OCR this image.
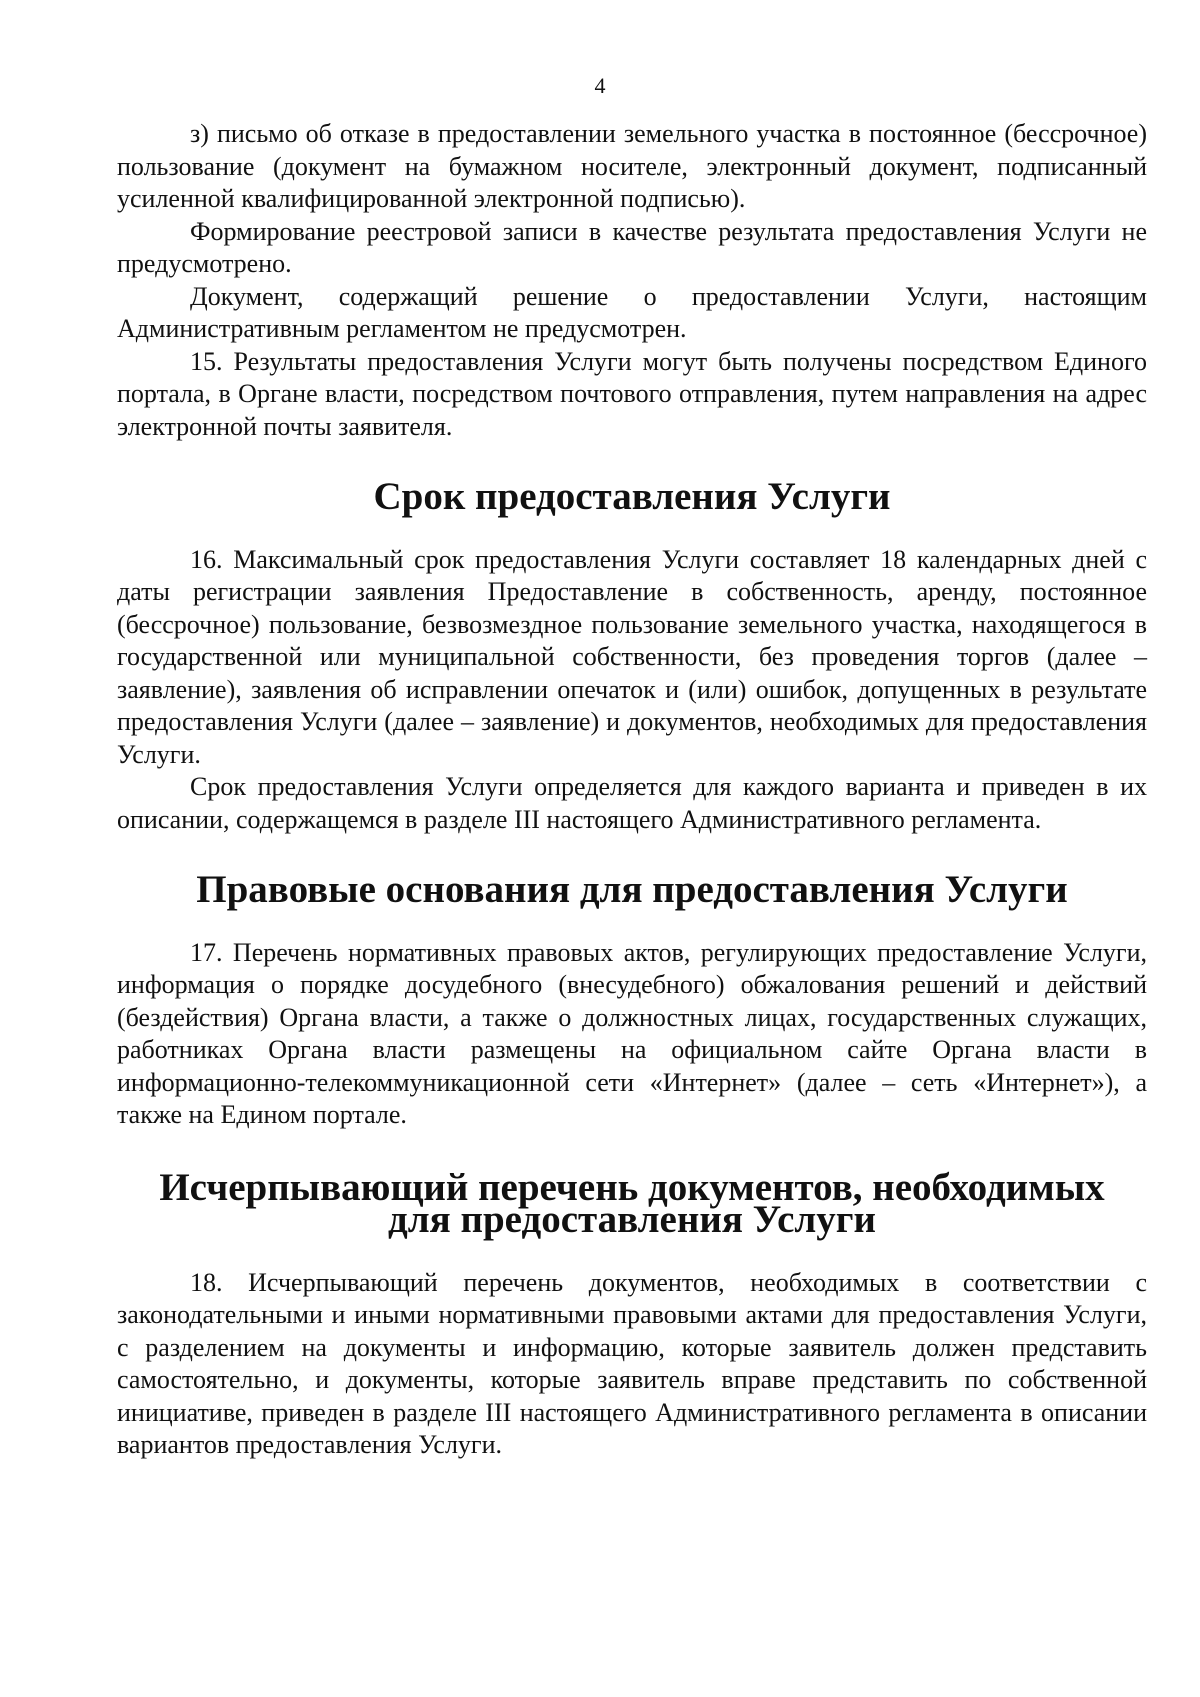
4

з) письмо об отказе в предоставлении земельного участка в постоянное (бессрочное) пользование (документ на бумажном носителе, электронный документ, подписанный усиленной квалифицированной электронной подписью).

Формирование реестровой записи в качестве результата предоставления Услуги не предусмотрено.

Документ, содержащий решение о предоставлении Услуги, настоящим Административным регламентом не предусмотрен.

15. Результаты предоставления Услуги могут быть получены посредством Единого портала, в Органе власти, посредством почтового отправления, путем направления на адрес электронной почты заявителя.

Срок предоставления Услуги

16. Максимальный срок предоставления Услуги составляет 18 календарных дней с даты регистрации заявления Предоставление в собственность, аренду, постоянное (бессрочное) пользование, безвозмездное пользование земельного участка, находящегося в государственной или муниципальной собственности, без проведения торгов (далее – заявление), заявления об исправлении опечаток и (или) ошибок, допущенных в результате предоставления Услуги (далее – заявление) и документов, необходимых для предоставления Услуги.

Срок предоставления Услуги определяется для каждого варианта и приведен в их описании, содержащемся в разделе III настоящего Административного регламента.

Правовые основания для предоставления Услуги

17. Перечень нормативных правовых актов, регулирующих предоставление Услуги, информация о порядке досудебного (внесудебного) обжалования решений и действий (бездействия) Органа власти, а также о должностных лицах, государственных служащих, работниках Органа власти размещены на официальном сайте Органа власти в информационно-телекоммуникационной сети «Интернет» (далее – сеть «Интернет»), а также на Едином портале.

Исчерпывающий перечень документов, необходимых для предоставления Услуги

18. Исчерпывающий перечень документов, необходимых в соответствии с законодательными и иными нормативными правовыми актами для предоставления Услуги, с разделением на документы и информацию, которые заявитель должен представить самостоятельно, и документы, которые заявитель вправе представить по собственной инициативе, приведен в разделе III настоящего Административного регламента в описании вариантов предоставления Услуги.
